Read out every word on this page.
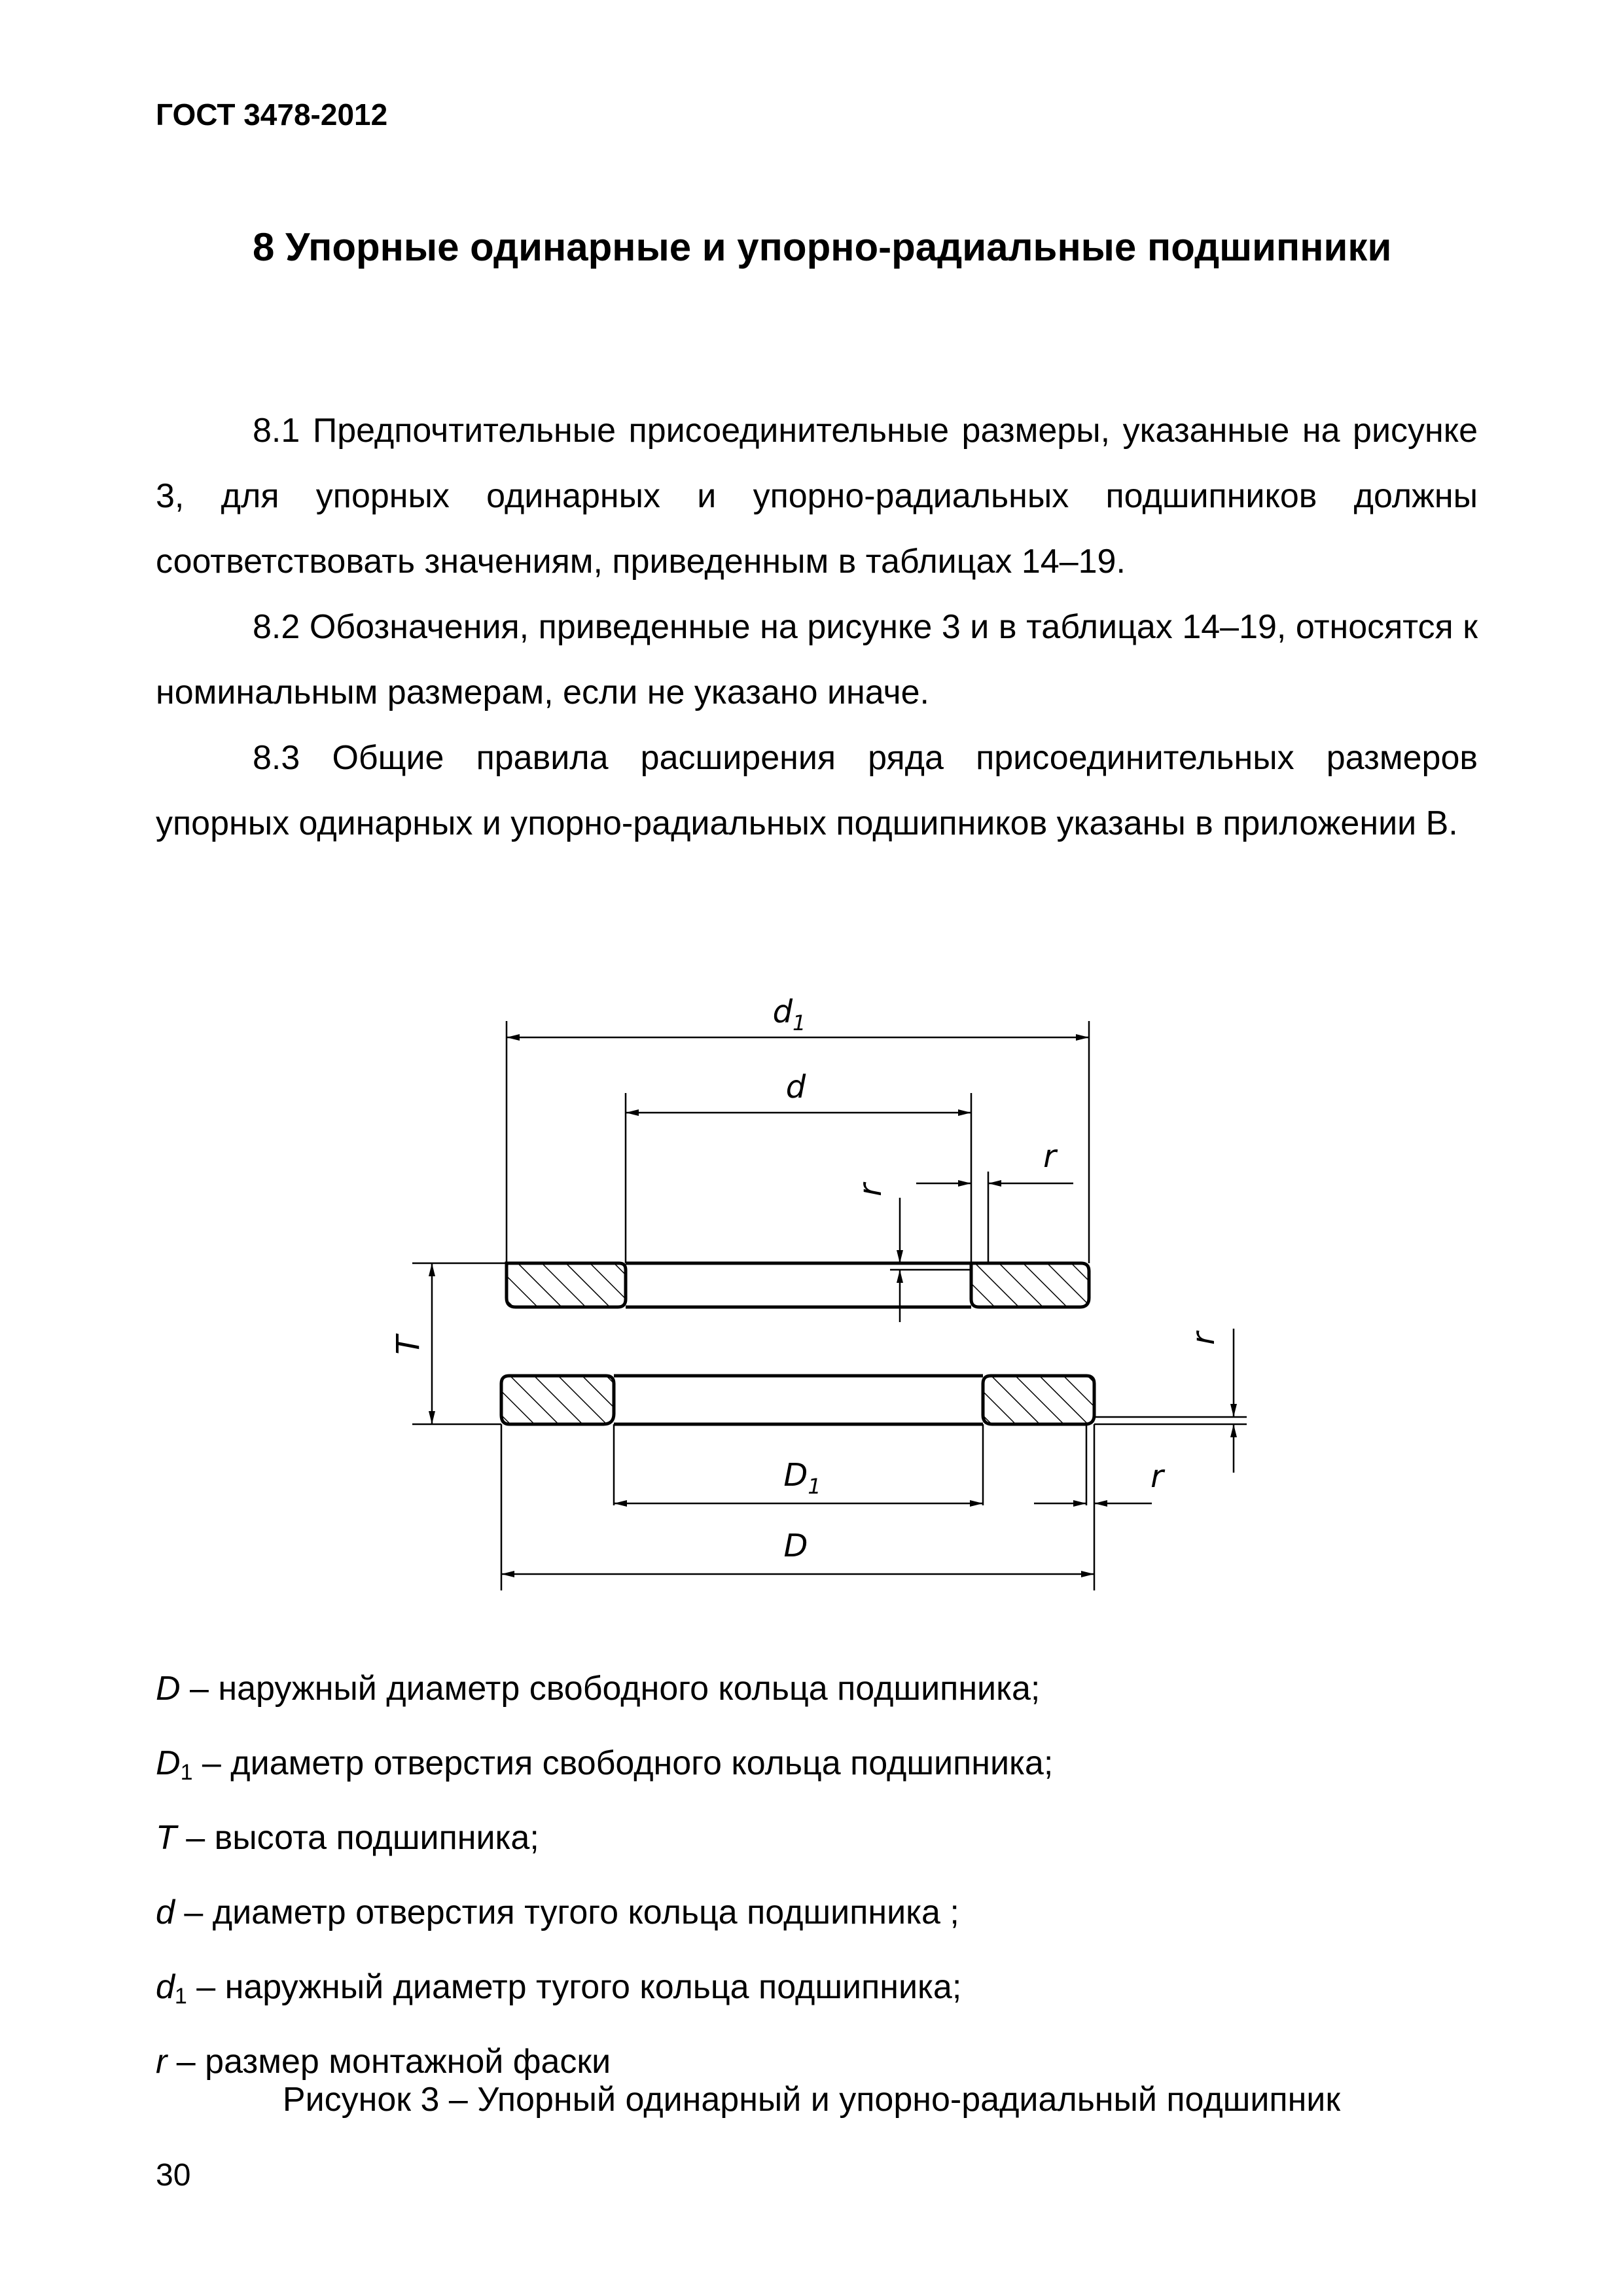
ГОСТ 3478-2012
8 Упорные одинарные и упорно-радиальные подшипники

8.1 Предпочтительные присоединительные размеры, указанные на рисунке 3, для упорных одинарных и упорно-радиальных подшипников должны соответствовать значениям, приведенным в таблицах 14–19.

8.2 Обозначения, приведенные на рисунке 3 и в таблицах 14–19, относятся к номинальным размерам, если не указано иначе.

8.3 Общие правила расширения ряда присоединительных размеров упорных одинарных и упорно-радиальных подшипников указаны в приложении В.

$d_1$
d
r
r
T	r
$D_1$	r
D
D – наружный диаметр свободного кольца подшипника;
$D_1$ – диаметр отверстия свободного кольца подшипника;
T – высота подшипника;
d – диаметр отверстия тугого кольца подшипника ;
$d_1$ – наружный диаметр тугого кольца подшипника;
r – размер монтажной фаски
Рисунок 3 – Упорный одинарный и упорно-радиальный подшипник
30
